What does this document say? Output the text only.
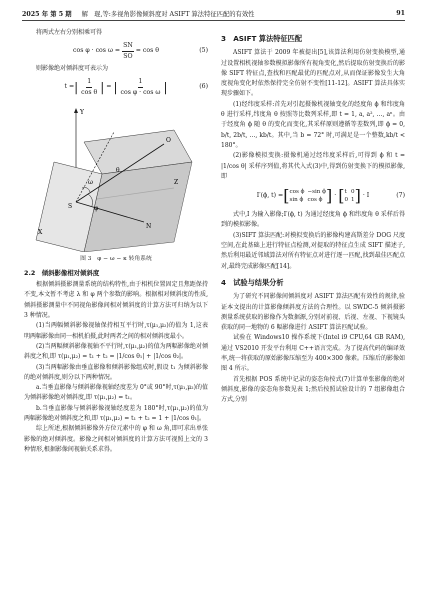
2025 年 第 5 期 解　琨,等:多视角影像倾斜度对 ASIFT 算法特征匹配的有效性	91

将两式左右分别相乘可得

$\cos \varphi \cdot \cos \omega = \frac{SN}{SO} = \cos \theta$	(5)

则影像绝对倾斜度可表示为

t = | $\frac{1}{\text{cos θ}}$ | = | $\frac{1}{\text{cos φ · cos ω}}$ |	(6)
Y
Z
X
S
O
N
φ
ω
θ
图 3　φ − ω − κ 转角系统
2.2　倾斜影像相对倾斜度

根据倾斜摄影测量系统的结构特性,由于相机位置固定且焦距保持不变,本文暂不考虑 λ 和 φ 两个参数的影响。根据相对倾斜度的性质,倾斜摄影测量中不同视角影像间相对倾斜度的计算方法可归纳为以下 3 种情况。

(1)当两幅倾斜影像视轴保持相互平行时,τ(μ₁,μ₂)的值为 1,这表明两幅影像由同一相机拍摄,此时两者之间的相对倾斜度最小。

(2)当两幅倾斜影像视轴不平行时,τ(μ₁,μ₂)的值为两幅影像绝对倾斜度之和,即 τ(μ₁,μ₂) = t₁ + t₂ = |1/cos θ₁| + |1/cos θ₂|。

(3)当两幅影像由垂直影像和倾斜影像组成时,假设 t₁ 为倾斜影像的绝对倾斜度,则分以下两种情况。

a.当垂直影像与倾斜影像视轴经度差为 0°或 90°时,τ(μ₁,μ₂)的值为倾斜影像绝对倾斜度,即 τ(μ₁,μ₂) = t₁。

b.当垂直影像与倾斜影像视轴经度差为 180°时,τ(μ₁,μ₂)的值为两幅影像绝对倾斜度之和,即 τ(μ₁,μ₂) = t₁ + t₂ = 1 + |1/cos θ₁|。

综上所述,根据倾斜影像外方位元素中的 φ 和 ω 角,即可求出单张影像的绝对倾斜度。影像之间相对倾斜度的计算方法可视照上文的 3 种情形,根据影像间视轴关系求得。

3　ASIFT 算法特征匹配

ASIFT 算法于 2009 年被提出[5],该算法利用仿射变换模型,通过设置相机视轴参数模拟影像所有视角变化,然后提取仿射变换后的影像 SIFT 特征点,查找和匹配最优的匹配点对,从而保证影像发生大角度视角变化时依然保持完全仿射不变性[11-12]。ASIFT 算法具体实现步骤如下。

(1)经纬度采样:首先对引起摄像机视轴变化的经度角 ϕ 和纬度角 θ 进行采样,纬度角 θ 按照等比数列采样,即 t = 1, a, a², …, aⁿ。由于经度角 ϕ 随 θ 的变化而变化,其采样原则遵循等差数列,即 ϕ = 0, b/t, 2b/t, …, kb/t。其中,当 b = 72° 时,可满足是一个整数,kb/t < 180°。

(2)影像模拟变换:摄像机通过经纬度采样后,可得到 ϕ 和 t = |1/cos θ| 采样序列值,将其代入式(3)中,得到仿射变换下的模拟影像,即

I′(ϕ, t) = [ cos ϕ −sin ϕ
sin ϕ cos ϕ ] · [ t 0
0 1 ] · I	(7)

式中,I 为输入影像;I′(ϕ, t) 为通过经度角 ϕ 和纬度角 θ 采样后得到的模拟影像。

(3)SIFT 算法匹配:对模拟变换后的影像构建高斯差分 DOG 尺度空间,在此基础上进行特征点检测,对提取的特征点生成 SIFT 描述子,然后利用最近邻域算法对所有特征点对进行逐一匹配,找到最佳匹配点对,最终完成影像匹配[14]。

4　试验与结果分析

为了研究不同影像间倾斜度对 ASIFT 算法匹配有效性的规律,验证本文提出的计算影像倾斜度方法的合理性。以 SWDC-5 倾斜摄影测量系统获取的影像作为数据源,分别对前视、后视、左视、下视镜头获取的同一地物的 6 幅影像进行 ASIFT 算法匹配试验。

试验在 Windows10 操作系统下(Intel i9 CPU,64 GB RAM),通过 VS2010 开发平台利用 C++语言完成。为了提高代码的编译效率,统一将获取的原始影像压缩至为 400×300 像素。压缩后的影像如图 4 所示。

首先根据 POS 系统中记录的姿态角按式(7)计算单张影像的绝对倾斜度,影像的姿态角参数见表 1;然后按照试验设计的 7 组影像组合方式,分别
